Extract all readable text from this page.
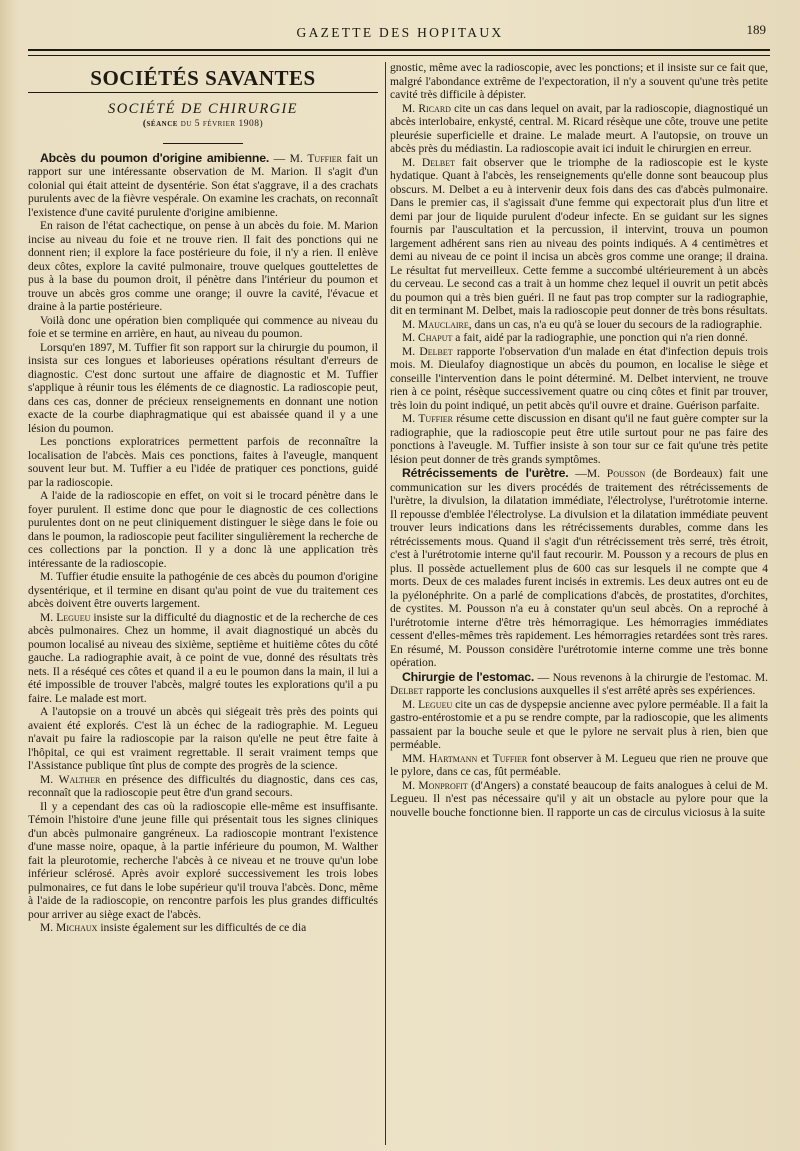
GAZETTE DES HOPITAUX	189
SOCIÉTÉS SAVANTES
SOCIÉTÉ DE CHIRURGIE
(séance du 5 février 1908)

Abcès du poumon d'origine amibienne. — M. Tuffier fait un rapport sur une intéressante observation de M. Marion. Il s'agit d'un colonial qui était atteint de dysentérie. Son état s'aggrave, il a des crachats purulents avec de la fièvre vespérale. On examine les crachats, on reconnaît l'existence d'une cavité purulente d'origine amibienne.

En raison de l'état cachectique, on pense à un abcès du foie. M. Marion incise au niveau du foie et ne trouve rien. Il fait des ponctions qui ne donnent rien; il explore la face postérieure du foie, il n'y a rien. Il enlève deux côtes, explore la cavité pulmonaire, trouve quelques gouttelettes de pus à la base du poumon droit, il pénètre dans l'intérieur du poumon et trouve un abcès gros comme une orange; il ouvre la cavité, l'évacue et draine à la partie postérieure.

Voilà donc une opération bien compliquée qui commence au niveau du foie et se termine en arrière, en haut, au niveau du poumon.

Lorsqu'en 1897, M. Tuffier fit son rapport sur la chirurgie du poumon, il insista sur ces longues et laborieuses opérations résultant d'erreurs de diagnostic. C'est donc surtout une affaire de diagnostic et M. Tuffier s'applique à réunir tous les éléments de ce diagnostic. La radioscopie peut, dans ces cas, donner de précieux renseignements en donnant une notion exacte de la courbe diaphragmatique qui est abaissée quand il y a une lésion du poumon.

Les ponctions exploratrices permettent parfois de reconnaître la localisation de l'abcès. Mais ces ponctions, faites à l'aveugle, manquent souvent leur but. M. Tuffier a eu l'idée de pratiquer ces ponctions, guidé par la radioscopie.

A l'aide de la radioscopie en effet, on voit si le trocard pénètre dans le foyer purulent. Il estime donc que pour le diagnostic de ces collections purulentes dont on ne peut cliniquement distinguer le siège dans le foie ou dans le poumon, la radioscopie peut faciliter singulièrement la recherche de ces collections par la ponction. Il y a donc là une application très intéressante de la radioscopie.

M. Tuffier étudie ensuite la pathogénie de ces abcès du poumon d'origine dysentérique, et il termine en disant qu'au point de vue du traitement ces abcès doivent être ouverts largement.

M. Legueu insiste sur la difficulté du diagnostic et de la recherche de ces abcès pulmonaires. Chez un homme, il avait diagnostiqué un abcès du poumon localisé au niveau des sixième, septième et huitième côtes du côté gauche. La radiographie avait, à ce point de vue, donné des résultats très nets. Il a réséqué ces côtes et quand il a eu le poumon dans la main, il lui a été impossible de trouver l'abcès, malgré toutes les explorations qu'il a pu faire. Le malade est mort.

A l'autopsie on a trouvé un abcès qui siégeait très près des points qui avaient été explorés. C'est là un échec de la radiographie. M. Legueu n'avait pu faire la radioscopie par la raison qu'elle ne peut être faite à l'hôpital, ce qui est vraiment regrettable. Il serait vraiment temps que l'Assistance publique tînt plus de compte des progrès de la science.

M. Walther en présence des difficultés du diagnostic, dans ces cas, reconnaît que la radioscopie peut être d'un grand secours.

Il y a cependant des cas où la radioscopie elle-même est insuffisante. Témoin l'histoire d'une jeune fille qui présentait tous les signes cliniques d'un abcès pulmonaire gangréneux. La radioscopie montrant l'existence d'une masse noire, opaque, à la partie inférieure du poumon, M. Walther fait la pleurotomie, recherche l'abcès à ce niveau et ne trouve qu'un lobe inférieur sclérosé. Après avoir exploré successivement les trois lobes pulmonaires, ce fut dans le lobe supérieur qu'il trouva l'abcès. Donc, même à l'aide de la radioscopie, on rencontre parfois les plus grandes difficultés pour arriver au siège exact de l'abcès.

M. Michaux insiste également sur les difficultés de ce dia

gnostic, même avec la radioscopie, avec les ponctions; et il insiste sur ce fait que, malgré l'abondance extrême de l'expectoration, il n'y a souvent qu'une très petite cavité très difficile à dépister.

M. Ricard cite un cas dans lequel on avait, par la radioscopie, diagnostiqué un abcès interlobaire, enkysté, central. M. Ricard résèque une côte, trouve une petite pleurésie superficielle et draine. Le malade meurt. A l'autopsie, on trouve un abcès près du médiastin. La radioscopie avait ici induit le chirurgien en erreur.

M. Delbet fait observer que le triomphe de la radioscopie est le kyste hydatique. Quant à l'abcès, les renseignements qu'elle donne sont beaucoup plus obscurs. M. Delbet a eu à intervenir deux fois dans des cas d'abcès pulmonaire. Dans le premier cas, il s'agissait d'une femme qui expectorait plus d'un litre et demi par jour de liquide purulent d'odeur infecte. En se guidant sur les signes fournis par l'auscultation et la percussion, il intervint, trouva un poumon largement adhérent sans rien au niveau des points indiqués. A 4 centimètres et demi au niveau de ce point il incisa un abcès gros comme une orange; il draina. Le résultat fut merveilleux. Cette femme a succombé ultérieurement à un abcès du cerveau. Le second cas a trait à un homme chez lequel il ouvrit un petit abcès du poumon qui a très bien guéri. Il ne faut pas trop compter sur la radiographie, dit en terminant M. Delbet, mais la radioscopie peut donner de très bons résultats.

M. Mauclaire, dans un cas, n'a eu qu'à se louer du secours de la radiographie.

M. Chaput a fait, aidé par la radiographie, une ponction qui n'a rien donné.

M. Delbet rapporte l'observation d'un malade en état d'infection depuis trois mois. M. Dieulafoy diagnostique un abcès du poumon, en localise le siège et conseille l'intervention dans le point déterminé. M. Delbet intervient, ne trouve rien à ce point, résèque successivement quatre ou cinq côtes et finit par trouver, très loin du point indiqué, un petit abcès qu'il ouvre et draine. Guérison parfaite.

M. Tuffier résume cette discussion en disant qu'il ne faut guère compter sur la radiographie, que la radioscopie peut être utile surtout pour ne pas faire des ponctions à l'aveugle. M. Tuffier insiste à son tour sur ce fait qu'une très petite lésion peut donner de très grands symptômes.

Rétrécissements de l'urètre. —M. Pousson (de Bordeaux) fait une communication sur les divers procédés de traitement des rétrécissements de l'urètre, la divulsion, la dilatation immédiate, l'électrolyse, l'urétrotomie interne. Il repousse d'emblée l'électrolyse. La divulsion et la dilatation immédiate peuvent trouver leurs indications dans les rétrécissements durables, comme dans les rétrécissements mous. Quand il s'agit d'un rétrécissement très serré, très étroit, c'est à l'urétrotomie interne qu'il faut recourir. M. Pousson y a recours de plus en plus. Il possède actuellement plus de 600 cas sur lesquels il ne compte que 4 morts. Deux de ces malades furent incisés in extremis. Les deux autres ont eu de la pyélonéphrite. On a parlé de complications d'abcès, de prostatites, d'orchites, de cystites. M. Pousson n'a eu à constater qu'un seul abcès. On a reproché à l'urétrotomie interne d'être très hémorragique. Les hémorragies immédiates cessent d'elles-mêmes très rapidement. Les hémorragies retardées sont très rares. En résumé, M. Pousson considère l'urétrotomie interne comme une très bonne opération.

Chirurgie de l'estomac. — Nous revenons à la chirurgie de l'estomac. M. Delbet rapporte les conclusions auxquelles il s'est arrêté après ses expériences.

M. Legueu cite un cas de dyspepsie ancienne avec pylore perméable. Il a fait la gastro-entérostomie et a pu se rendre compte, par la radioscopie, que les aliments passaient par la bouche seule et que le pylore ne servait plus à rien, bien que perméable.

MM. Hartmann et Tuffier font observer à M. Legueu que rien ne prouve que le pylore, dans ce cas, fût perméable.

M. Monprofit (d'Angers) a constaté beaucoup de faits analogues à celui de M. Legueu. Il n'est pas nécessaire qu'il y ait un obstacle au pylore pour que la nouvelle bouche fonctionne bien. Il rapporte un cas de circulus viciosus à la suite
